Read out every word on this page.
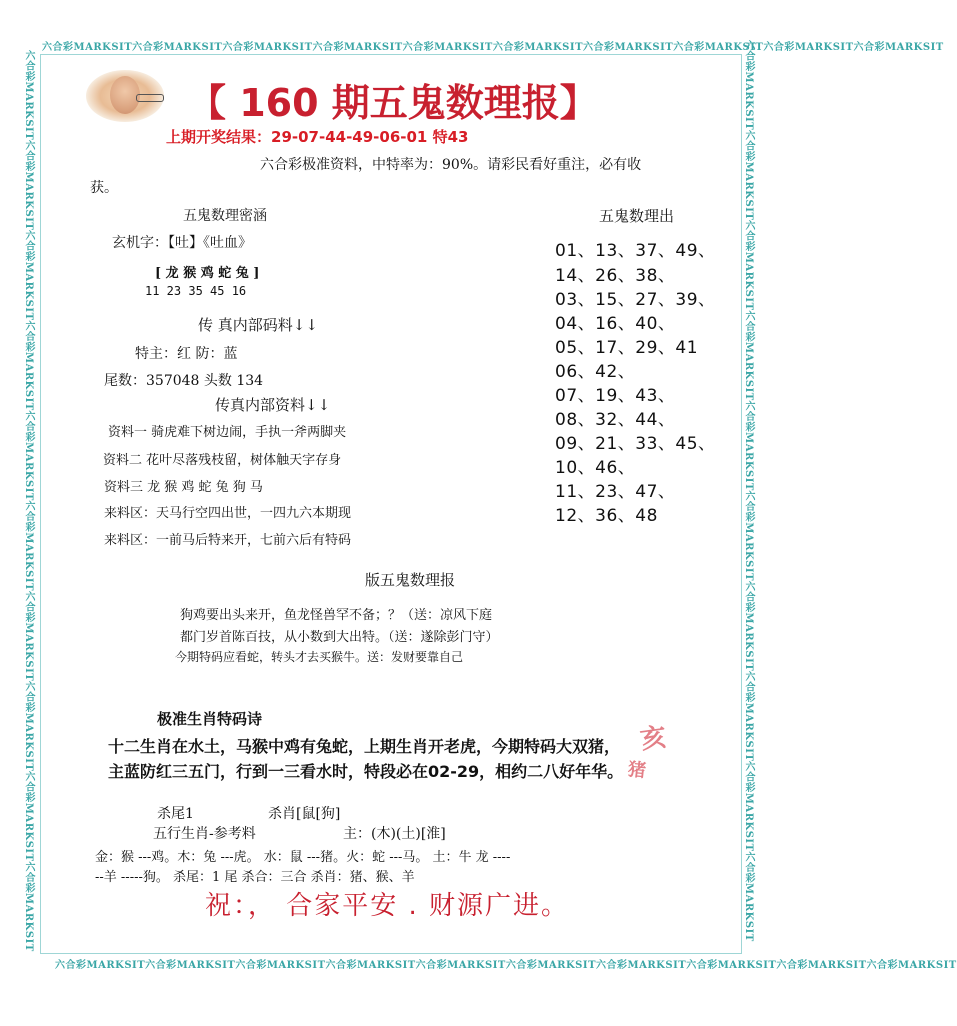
六合彩MARKSIT六合彩MARKSIT六合彩MARKSIT六合彩MARKSIT六合彩MARKSIT六合彩MARKSIT六合彩MARKSIT六合彩MARKSIT六合彩MARKSIT六合彩MARKSIT
六合彩MARKSIT六合彩MARKSIT六合彩MARKSIT六合彩MARKSIT六合彩MARKSIT六合彩MARKSIT六合彩MARKSIT六合彩MARKSIT六合彩MARKSIT六合彩MARKSIT
六合彩MARKSIT六合彩MARKSIT六合彩MARKSIT六合彩MARKSIT六合彩MARKSIT六合彩MARKSIT六合彩MARKSIT六合彩MARKSIT六合彩MARKSIT六合彩MARKSIT	六合彩MARKSIT六合彩MARKSIT六合彩MARKSIT六合彩MARKSIT六合彩MARKSIT六合彩MARKSIT六合彩MARKSIT六合彩MARKSIT六合彩MARKSIT六合彩MARKSIT
【 160 期五鬼数理报】
上期开奖结果：29-07-44-49-06-01 特43
六合彩极准资料，中特率为：90%。请彩民看好重注，必有收
获。
五鬼数理密涵
玄机字：【吐】《吐血》
[ 龙 猴 鸡 蛇 兔 ]
11 23 35 45 16
传 真内部码料↓↓
特主：红 防：蓝
尾数：357048 头数 134
传真内部资料↓↓
资料一 骑虎难下树边闹，手执一斧两脚夹
资料二 花叶尽落残枝留，树体触天字存身
资料三 龙 猴 鸡 蛇 兔 狗 马
来料区：天马行空四出世，一四九六本期现
来料区：一前马后特来开，七前六后有特码
五鬼数理出
01、13、37、49、
14、26、38、
03、15、27、39、
04、16、40、
05、17、29、41
06、42、
07、19、43、
08、32、44、
09、21、33、45、
10、46、
11、23、47、
12、36、48
版五鬼数理报
狗鸡要出头来开，鱼龙怪兽罕不备；？（送：凉风下庭
都门岁首陈百技，从小数到大出特。（送：遂除彭门守）
今期特码应看蛇，转头才去买猴牛。送：发财要靠自己
极准生肖特码诗
十二生肖在水土，马猴中鸡有兔蛇，上期生肖开老虎，今期特码大双猪，
主蓝防红三五门，行到一三看水时，特段必在02-29，相约二八好年华。
亥
猪
杀尾1	杀肖[鼠[狗]
五行生肖-参考料	主：(木)(土)[淮]
金：猴 ---鸡。木：兔 ---虎。 水：鼠 ---猪。火：蛇 ---马。 土：牛 龙 ----
--羊 -----狗。 杀尾：1 尾 杀合：三合 杀肖：猪、猴、羊
祝：， 合家平安 . 财源广进。
